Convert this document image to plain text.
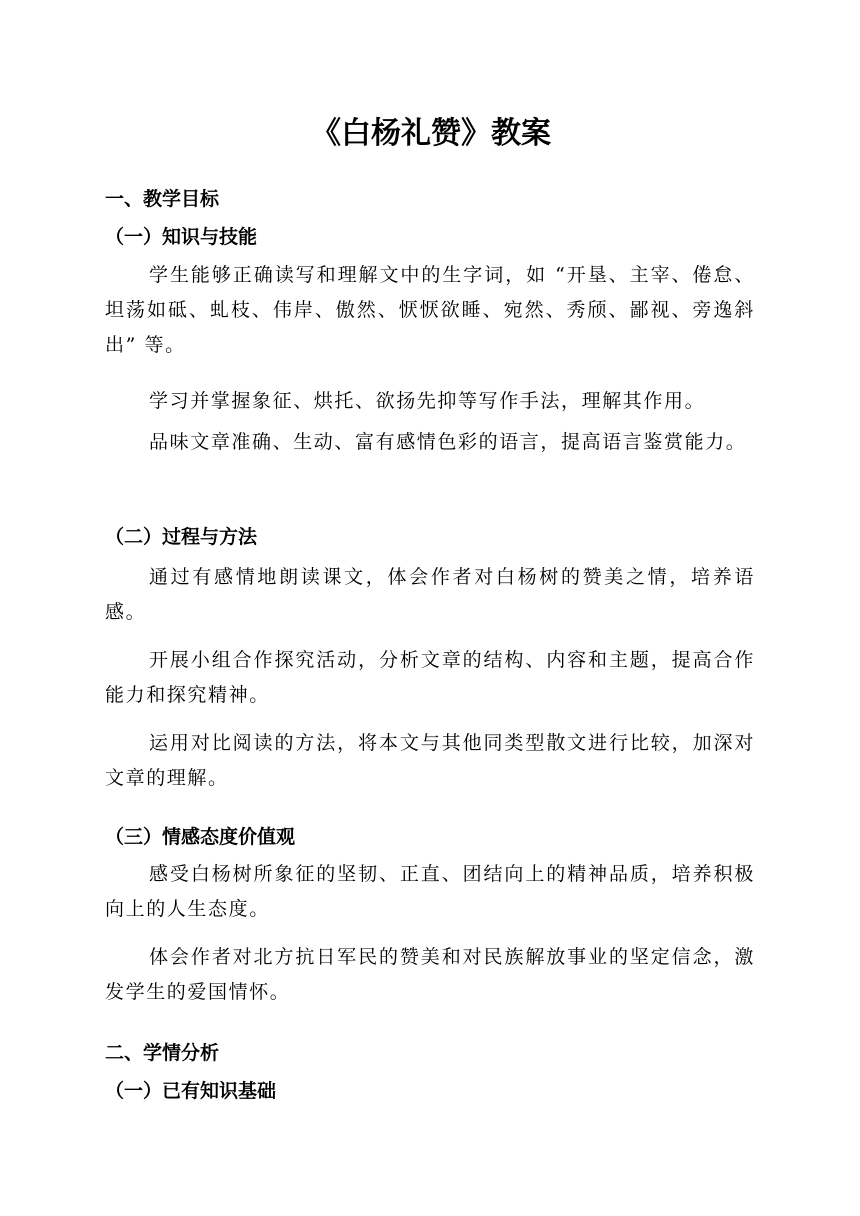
《白杨礼赞》教案
一、教学目标
（一）知识与技能

学生能够正确读写和理解文中的生字词，如 “开垦、主宰、倦怠、坦荡如砥、虬枝、伟岸、傲然、恹恹欲睡、宛然、秀颀、鄙视、旁逸斜出” 等。

学习并掌握象征、烘托、欲扬先抑等写作手法，理解其作用。

品味文章准确、生动、富有感情色彩的语言，提高语言鉴赏能力。

（二）过程与方法

通过有感情地朗读课文，体会作者对白杨树的赞美之情，培养语感。

开展小组合作探究活动，分析文章的结构、内容和主题，提高合作能力和探究精神。

运用对比阅读的方法，将本文与其他同类型散文进行比较，加深对文章的理解。

（三）情感态度价值观

感受白杨树所象征的坚韧、正直、团结向上的精神品质，培养积极向上的人生态度。

体会作者对北方抗日军民的赞美和对民族解放事业的坚定信念，激发学生的爱国情怀。

二、学情分析
（一）已有知识基础
